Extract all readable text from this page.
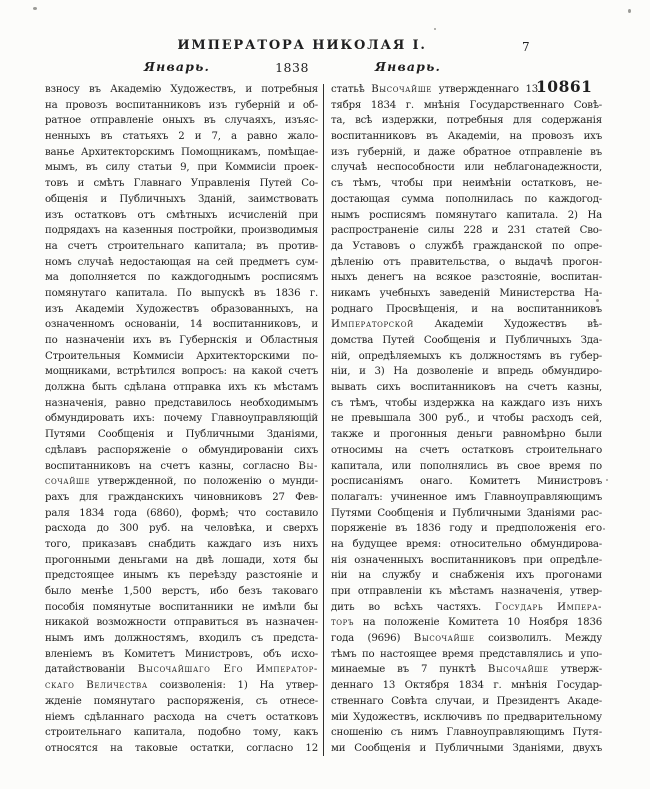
ИМПЕРАТОРА НИКОЛАЯ I.	7
Январь.	1838	Январь.
10861
взносу въ Академію Художествъ, и потребныя
на провозъ воспитанниковъ изъ губерній и об-
ратное отправленіе оныхъ въ случаяхъ, изъяс-
ненныхъ въ статьяхъ 2 и 7, а равно жало-
ванье Архитекторскимъ Помощникамъ, помѣщае-
мымъ, въ силу статьи 9, при Коммисіи проек-
товъ и смѣтъ Главнаго Управленія Путей Со-
общенія и Публичныхъ Зданій, заимствовать
изъ остатковъ отъ смѣтныхъ исчисленій при
подрядахъ на казенныя постройки, производимыя
на счетъ строительнаго капитала; въ против-
номъ случаѣ недостающая на сей предметъ сум-
ма дополняется по каждогоднымъ росписямъ
помянутаго капитала. По выпускѣ въ 1836 г.
изъ Академіи Художествъ образованныхъ, на
означенномъ основаніи, 14 воспитанниковъ, и
по назначеніи ихъ въ Губернскія и Областныя
Строительныя Коммисіи Архитекторскими по-
мощниками, встрѣтился вопросъ: на какой счетъ
должна быть сдѣлана отправка ихъ къ мѣстамъ
назначенія, равно представилось необходимымъ
обмундировать ихъ: почему Главноуправляющій
Путями Сообщенія и Публичными Зданіями,
сдѣлавъ распоряженіе о обмундированіи сихъ
воспитанниковъ на счетъ казны, согласно Вы-
сочайше утвержденной, по положенію о мунди-
рахъ для гражданскихъ чиновниковъ 27 Фев-
раля 1834 года (6860), формѣ; что составило
расхода до 300 руб. на человѣка, и сверхъ
того, приказавъ снабдить каждаго изъ нихъ
прогонными деньгами на двѣ лошади, хотя бы
предстоящее инымъ къ переѣзду разстояніе и
было менѣе 1,500 верстъ, ибо безъ таковаго
пособія помянутые воспитанники не имѣли бы
никакой возможности отправиться въ назначен-
нымъ имъ должностямъ, входилъ съ предста-
вленіемъ въ Комитетъ Министровъ, объ исхо-
датайствованіи Высочайшаго Его Император-
скаго Величества соизволенія: 1) На утвер-
жденіе помянутаго распоряженія, съ отнесе-
ніемъ сдѣланнаго расхода на счетъ остатковъ
строительнаго капитала, подобно тому, какъ
относятся на таковые остатки, согласно 12
статьѣ Высочайше утвержденнаго 13
тября 1834 г. мнѣнія Государственнаго Совѣ-
та, всѣ издержки, потребныя для содержанія
воспитанниковъ въ Академіи, на провозъ ихъ
изъ губерній, и даже обратное отправленіе въ
случаѣ неспособности или неблагонадежности,
съ тѣмъ, чтобы при неимѣніи остатковъ, не-
достающая сумма пополнилась по каждогод-
нымъ росписямъ помянутаго капитала. 2) На
распространеніе силы 228 и 231 статей Сво-
да Уставовъ о службѣ гражданской по опре-
дѣленію отъ правительства, о выдачѣ прогон-
ныхъ денегъ на всякое разстояніе, воспитан-
никамъ учебныхъ заведеній Министерства На-
роднаго Просвѣщенія, и на воспитанниковъ
Императорской Академіи Художествъ вѣ-
домства Путей Сообщенія и Публичныхъ Зда-
ній, опредѣляемыхъ къ должностямъ въ губер-
ніи, и 3) На дозволеніе и впредь обмундиро-
вывать сихъ воспитанниковъ на счетъ казны,
съ тѣмъ, чтобы издержка на каждаго изъ нихъ
не превышала 300 руб., и чтобы расходъ сей,
также и прогонныя деньги равномѣрно были
относимы на счетъ остатковъ строительнаго
капитала, или пополнялись въ свое время по
росписаніямъ онаго. Комитетъ Министровъ
полагалъ: учиненное имъ Главноуправляющимъ
Путями Сообщенія и Публичными Зданіями рас-
поряженіе въ 1836 году и предположенія его
на будущее время: относительно обмундирова-
нія означенныхъ воспитанниковъ при опредѣле-
ніи на службу и снабженія ихъ прогонами
при отправленіи къ мѣстамъ назначенія, утвер-
дить во всѣхъ частяхъ. Государь Импера-
торъ на положеніе Комитета 10 Ноября 1836
года (9696) Высочайше соизволилъ. Между
тѣмъ по настоящее время представлялись и упо-
минаемые въ 7 пунктѣ Высочайше утверж-
деннаго 13 Октября 1834 г. мнѣнія Государ-
ственнаго Совѣта случаи, и Президентъ Акаде-
міи Художествъ, исключивъ по предварительному
сношенію съ нимъ Главноуправляющимъ Путя-
ми Сообщенія и Публичными Зданіями, двухъ
